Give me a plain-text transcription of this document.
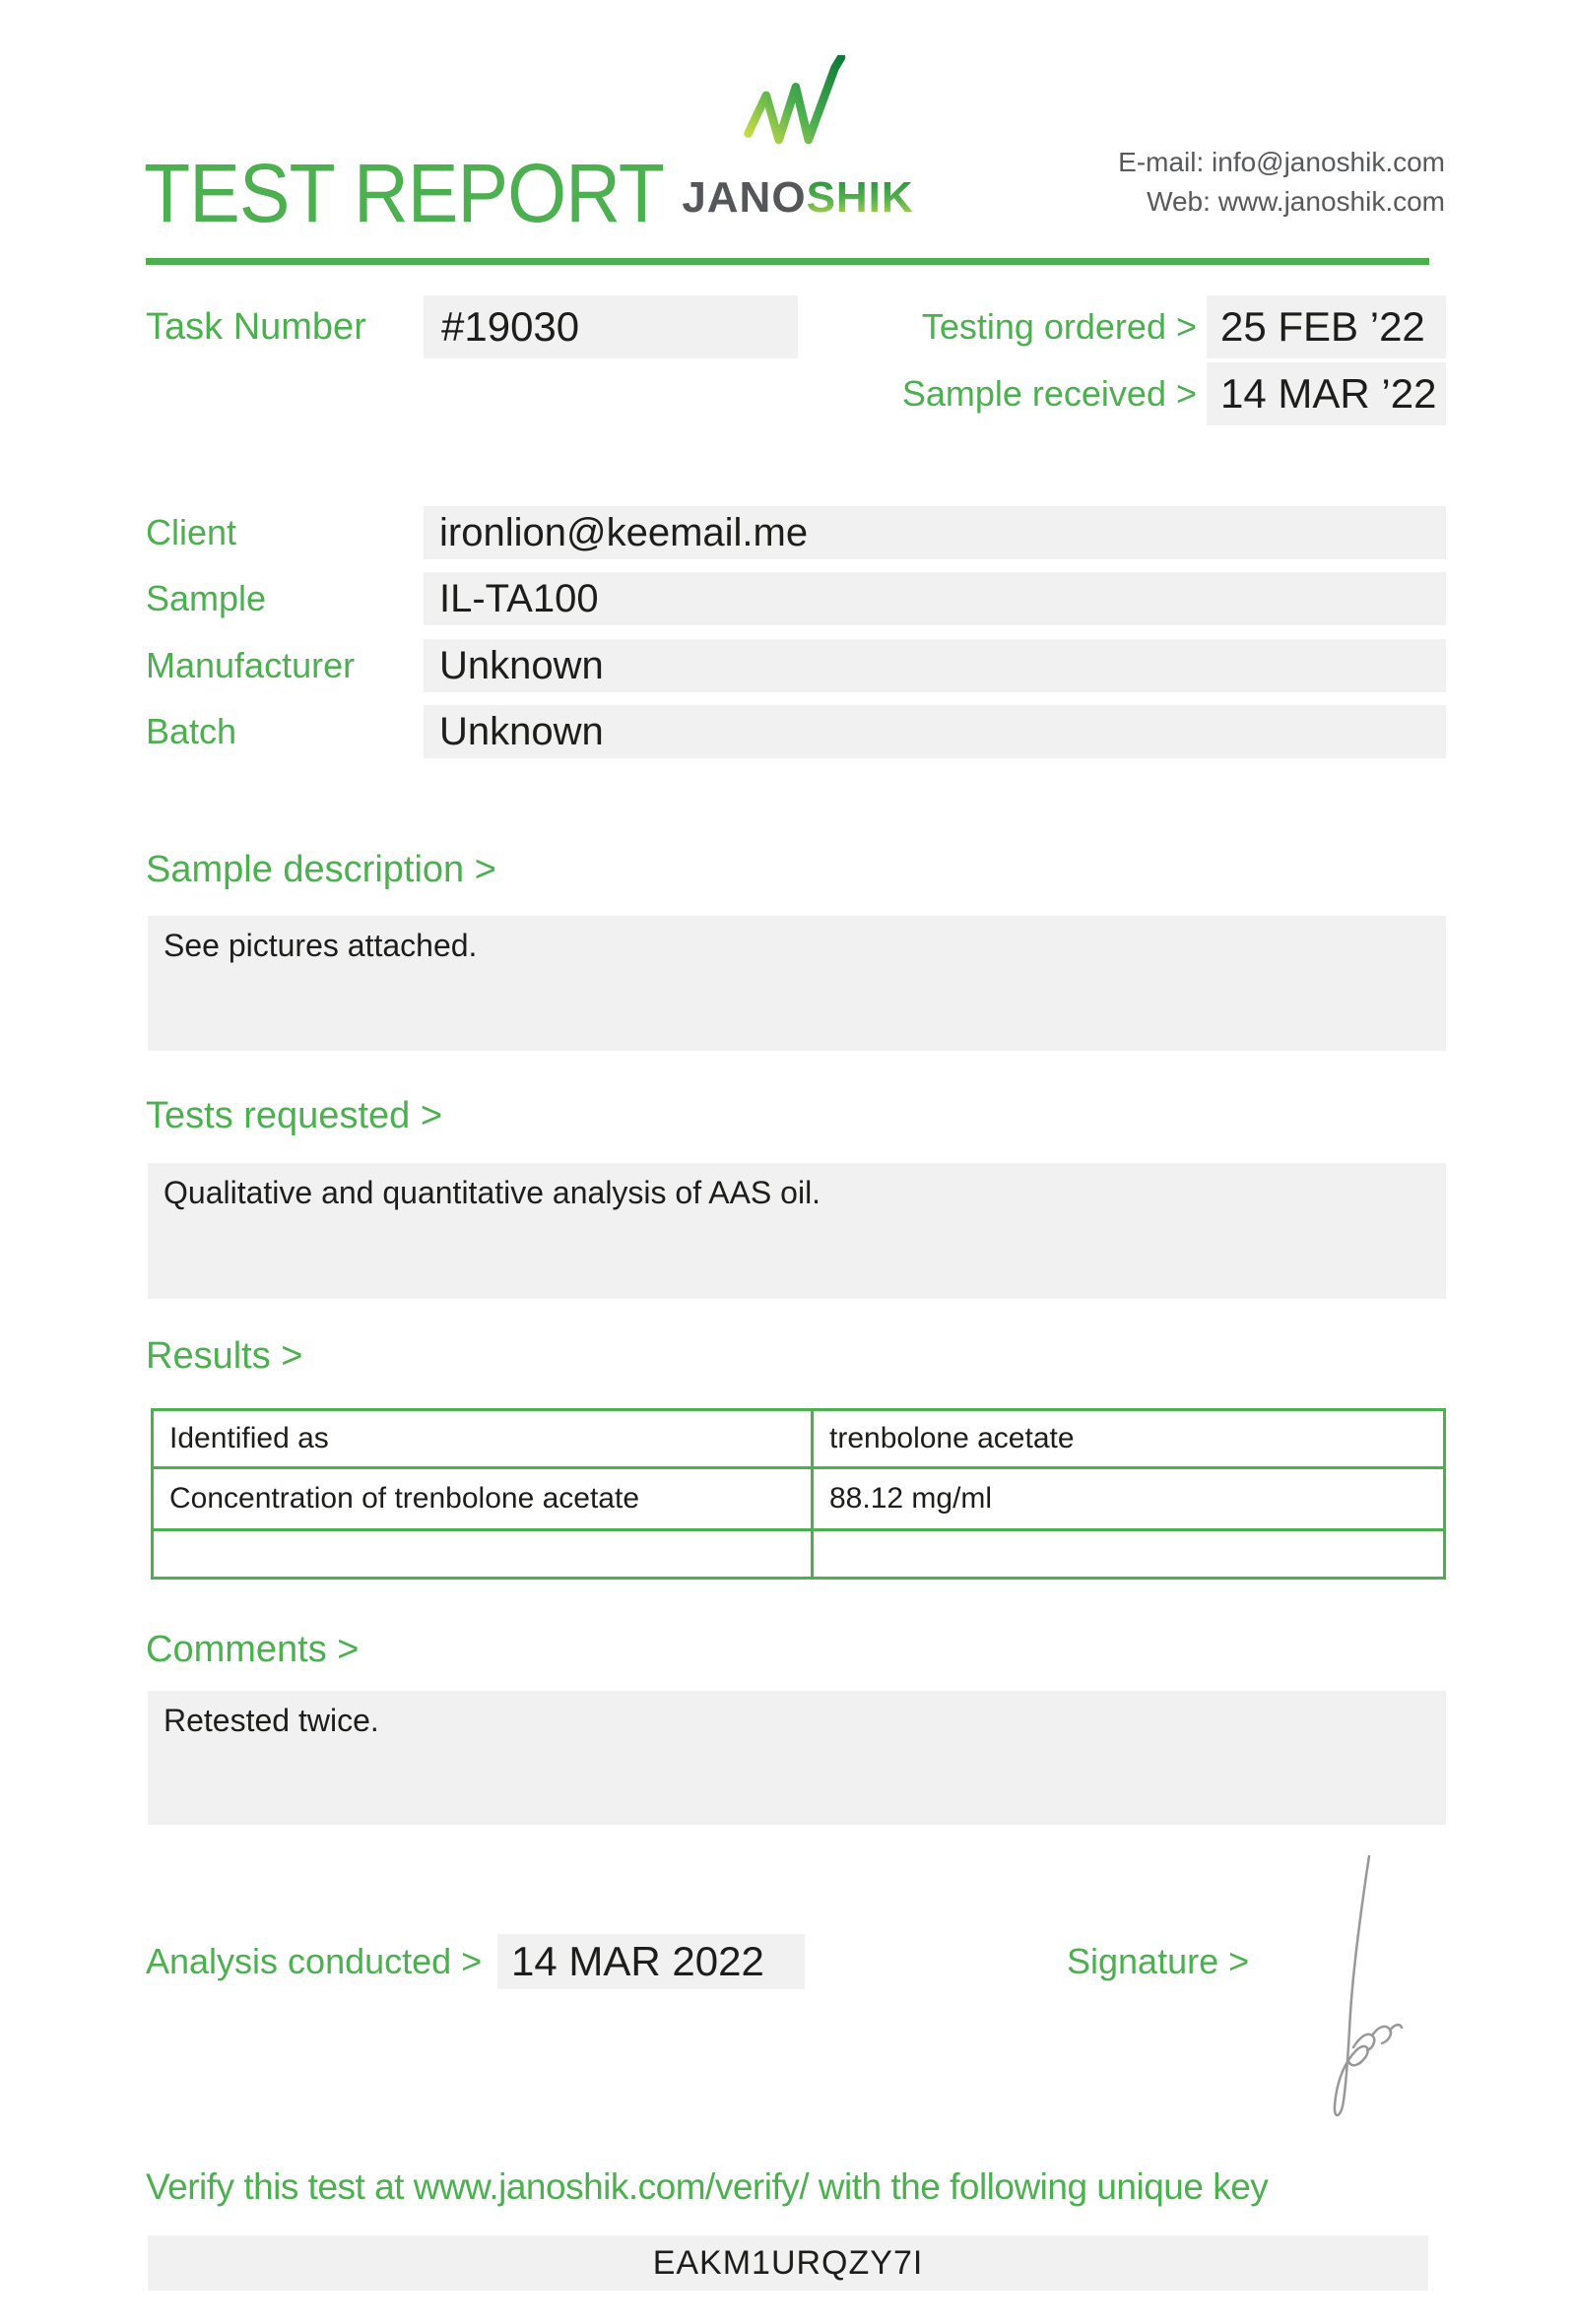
TEST REPORT JANOSHIK
E-mail: info@janoshik.com
Web: www.janoshik.com
Task Number	#19030	Testing ordered > 25 FEB ’22
Sample received > 14 MAR ’22
Client	ironlion@keemail.me
Sample	IL-TA100
Manufacturer	Unknown
Batch	Unknown
Sample description >
See pictures attached.
Tests requested >
Qualitative and quantitative analysis of AAS oil.
Results >
Identified as	trenbolone acetate
Concentration of trenbolone acetate	88.12 mg/ml

Comments >
Retested twice.
Analysis conducted > 14 MAR 2022	Signature >
Verify this test at www.janoshik.com/verify/ with the following unique key
EAKM1URQZY7I
